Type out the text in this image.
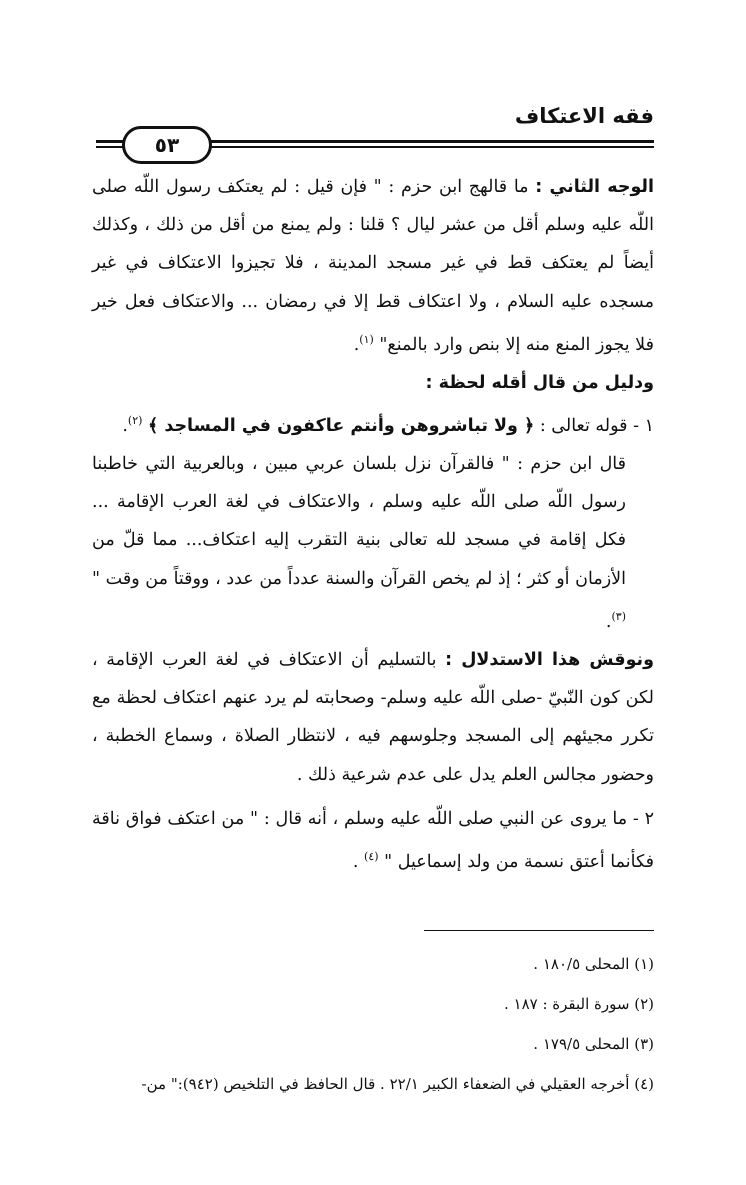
فقه الاعتكاف
٥٣

الوجه الثاني : ما قالهج ابن حزم : " فإن قيل : لم يعتكف رسول اللّه صلى اللّه عليه وسلم أقل من عشر ليال ؟ قلنا : ولم يمنع من أقل من ذلك ، وكذلك أيضاً لم يعتكف قط في غير مسجد المدينة ، فلا تجيزوا الاعتكاف في غير مسجده عليه السلام ، ولا اعتكاف قط إلا في رمضان ... والاعتكاف فعل خير فلا يجوز المنع منه إلا بنص وارد بالمنع" $^{(١)}$.

ودليل من قال أقله لحظة :

١ - قوله تعالى : ﴿ ولا تباشروهن وأنتم عاكفون في المساجد ﴾ $^{(٢)}$.

قال ابن حزم : " فالقرآن نزل بلسان عربي مبين ، وبالعربية التي خاطبنا رسول اللّه صلى اللّه عليه وسلم ، والاعتكاف في لغة العرب الإقامة ... فكل إقامة في مسجد لله تعالى بنية التقرب إليه اعتكاف... مما قلّ من الأزمان أو كثر ؛ إذ لم يخص القرآن والسنة عدداً من عدد ، ووقتاً من وقت " $^{(٣)}$.

ونوقش هذا الاستدلال : بالتسليم أن الاعتكاف في لغة العرب الإقامة ، لكن كون النّبيّ -صلى اللّه عليه وسلم- وصحابته لم يرد عنهم اعتكاف لحظة مع تكرر مجيئهم إلى المسجد وجلوسهم فيه ، لانتظار الصلاة ، وسماع الخطبة ، وحضور مجالس العلم يدل على عدم شرعية ذلك .

٢ - ما يروى عن النبي صلى اللّه عليه وسلم ، أنه قال : " من اعتكف فواق ناقة فكأنما أعتق نسمة من ولد إسماعيل " $^{(٤)}$ .

(١) المحلى ١٨٠/٥ .

(٢) سورة البقرة : ١٨٧ .

(٣) المحلى ١٧٩/٥ .

(٤) أخرجه العقيلي في الضعفاء الكبير ٢٢/١ . قال الحافظ في التلخيص (٩٤٢):" من-
